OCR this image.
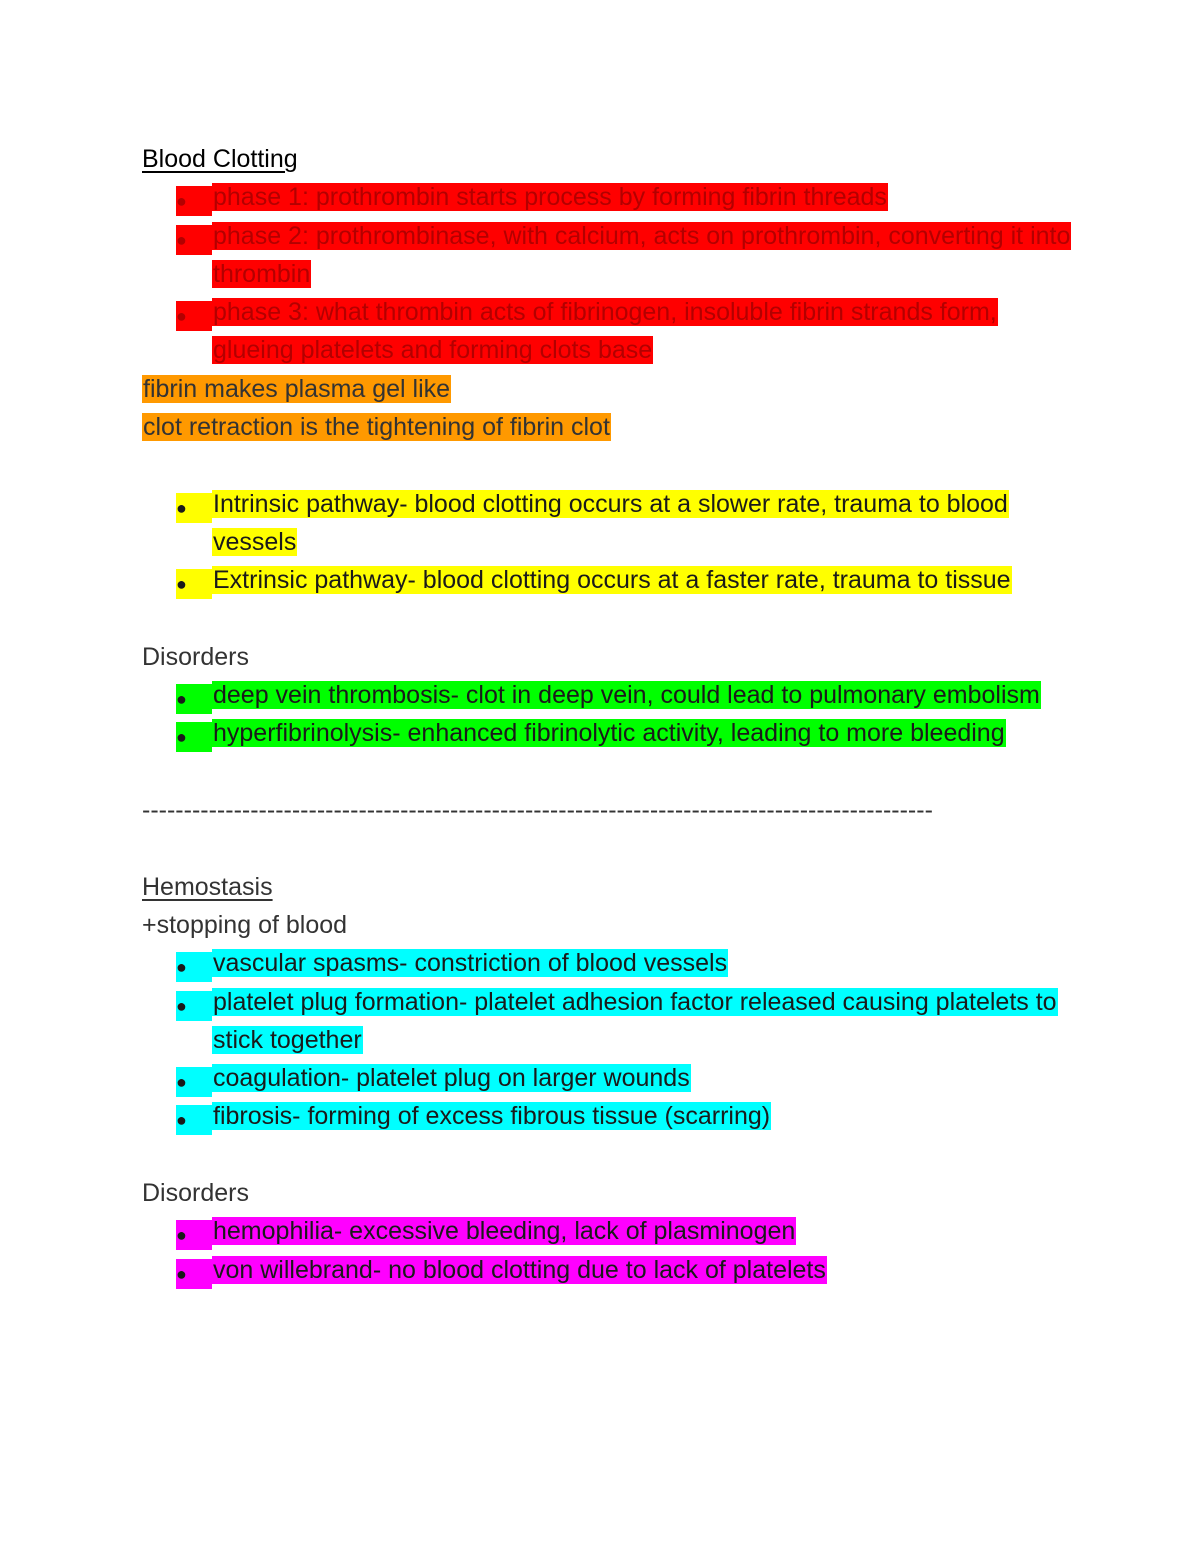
Blood Clotting
●	phase 1: prothrombin starts process by forming fibrin threads
●	phase 2: prothrombinase, with calcium, acts on prothrombin, converting it into thrombin
●	phase 3: what thrombin acts of fibrinogen, insoluble fibrin strands form, glueing platelets and forming clots base
fibrin makes plasma gel like
clot retraction is the tightening of fibrin clot
●	Intrinsic pathway- blood clotting occurs at a slower rate, trauma to blood vessels
●	Extrinsic pathway- blood clotting occurs at a faster rate, trauma to tissue
Disorders
●	deep vein thrombosis- clot in deep vein, could lead to pulmonary embolism
●	hyperfibrinolysis- enhanced fibrinolytic activity, leading to more bleeding
-----------------------------------------------------------------------------------------------
Hemostasis
+stopping of blood
●	vascular spasms- constriction of blood vessels
●	platelet plug formation- platelet adhesion factor released causing platelets to stick together
●	coagulation- platelet plug on larger wounds
●	fibrosis- forming of excess fibrous tissue (scarring)
Disorders
●	hemophilia- excessive bleeding, lack of plasminogen
●	von willebrand- no blood clotting due to lack of platelets
